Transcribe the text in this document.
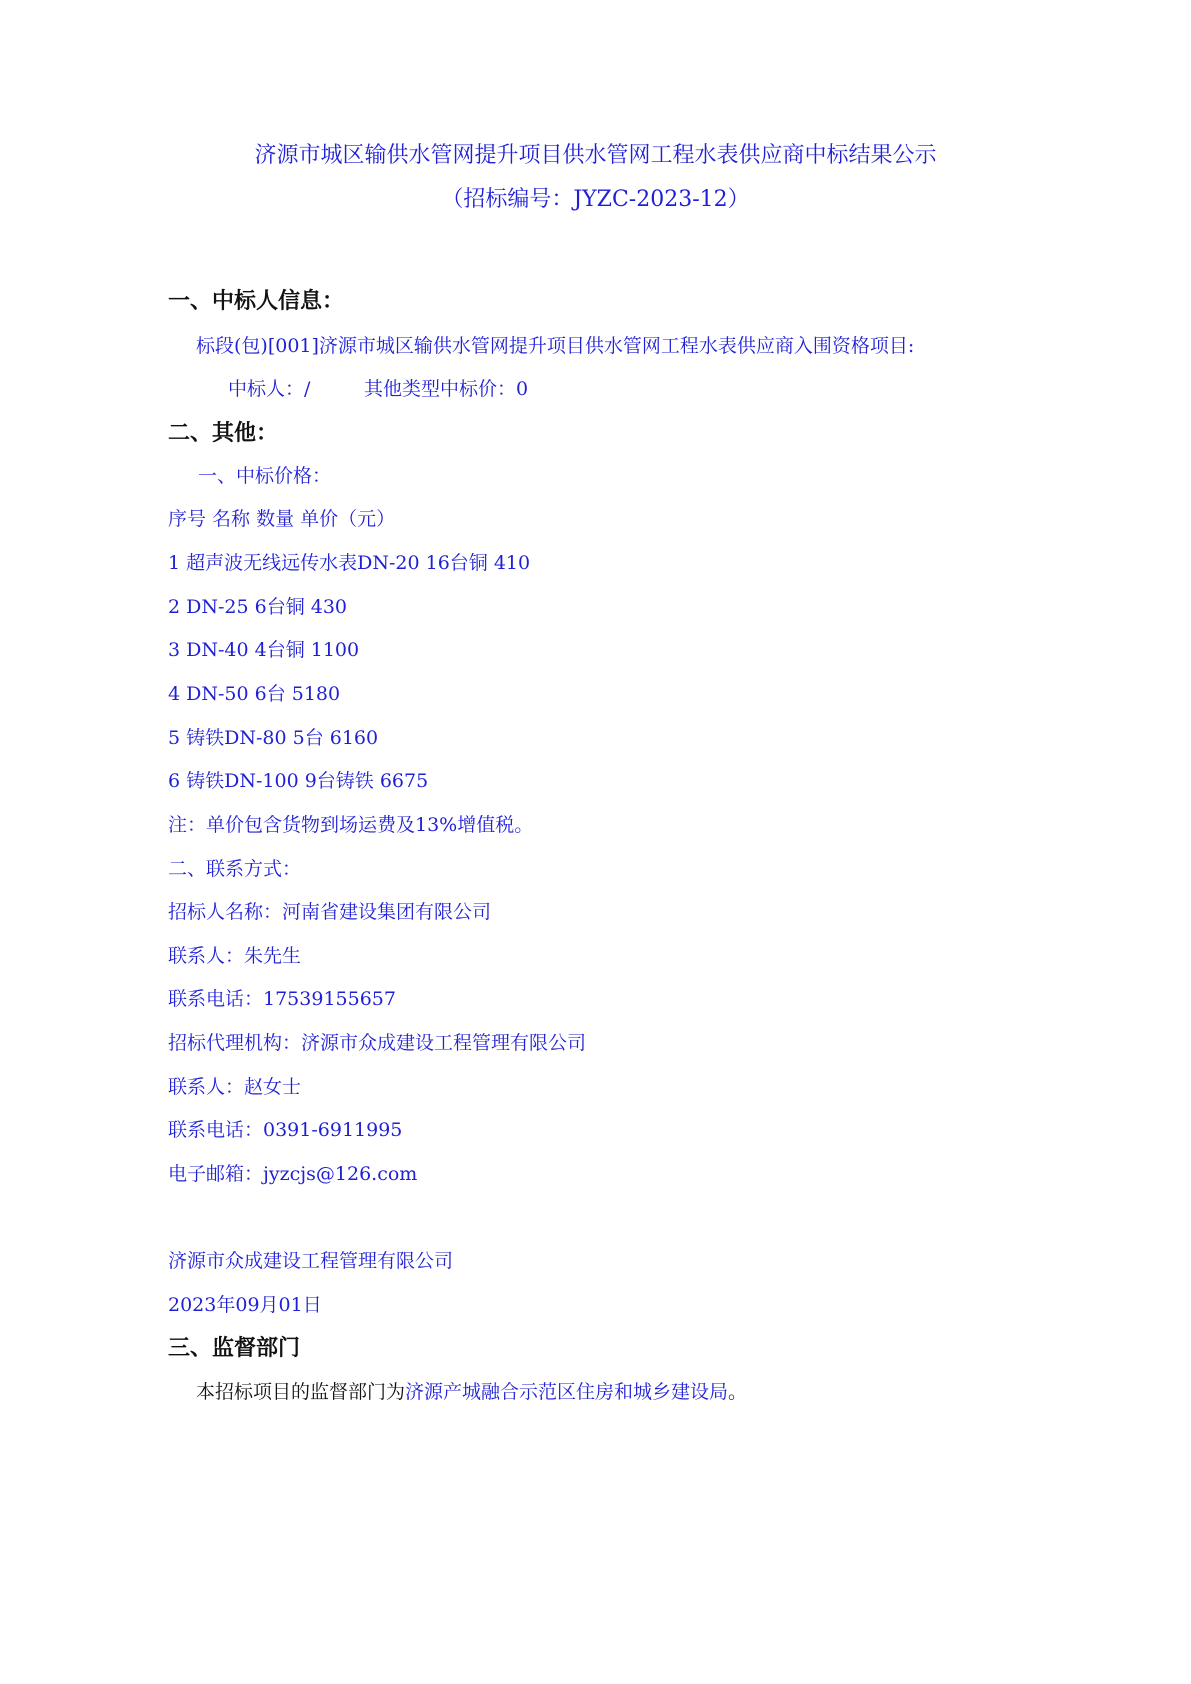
济源市城区输供水管网提升项目供水管网工程水表供应商中标结果公示
（招标编号：JYZC-2023-12）
一、中标人信息：
标段(包)[001]济源市城区输供水管网提升项目供水管网工程水表供应商入围资格项目:
中标人：/	其他类型中标价：0
二、其他：
一、中标价格：
序号 名称 数量 单价（元）
1 超声波无线远传水表DN-20 16台铜 410
2 DN-25 6台铜 430
3 DN-40 4台铜 1100
4 DN-50 6台 5180
5 铸铁DN-80 5台 6160
6 铸铁DN-100 9台铸铁 6675
注：单价包含货物到场运费及13%增值税。
二、联系方式：
招标人名称：河南省建设集团有限公司
联系人：朱先生
联系电话：17539155657
招标代理机构：济源市众成建设工程管理有限公司
联系人：赵女士
联系电话：0391-6911995
电子邮箱：jyzcjs@126.com
济源市众成建设工程管理有限公司
2023年09月01日
三、监督部门
本招标项目的监督部门为济源产城融合示范区住房和城乡建设局。
